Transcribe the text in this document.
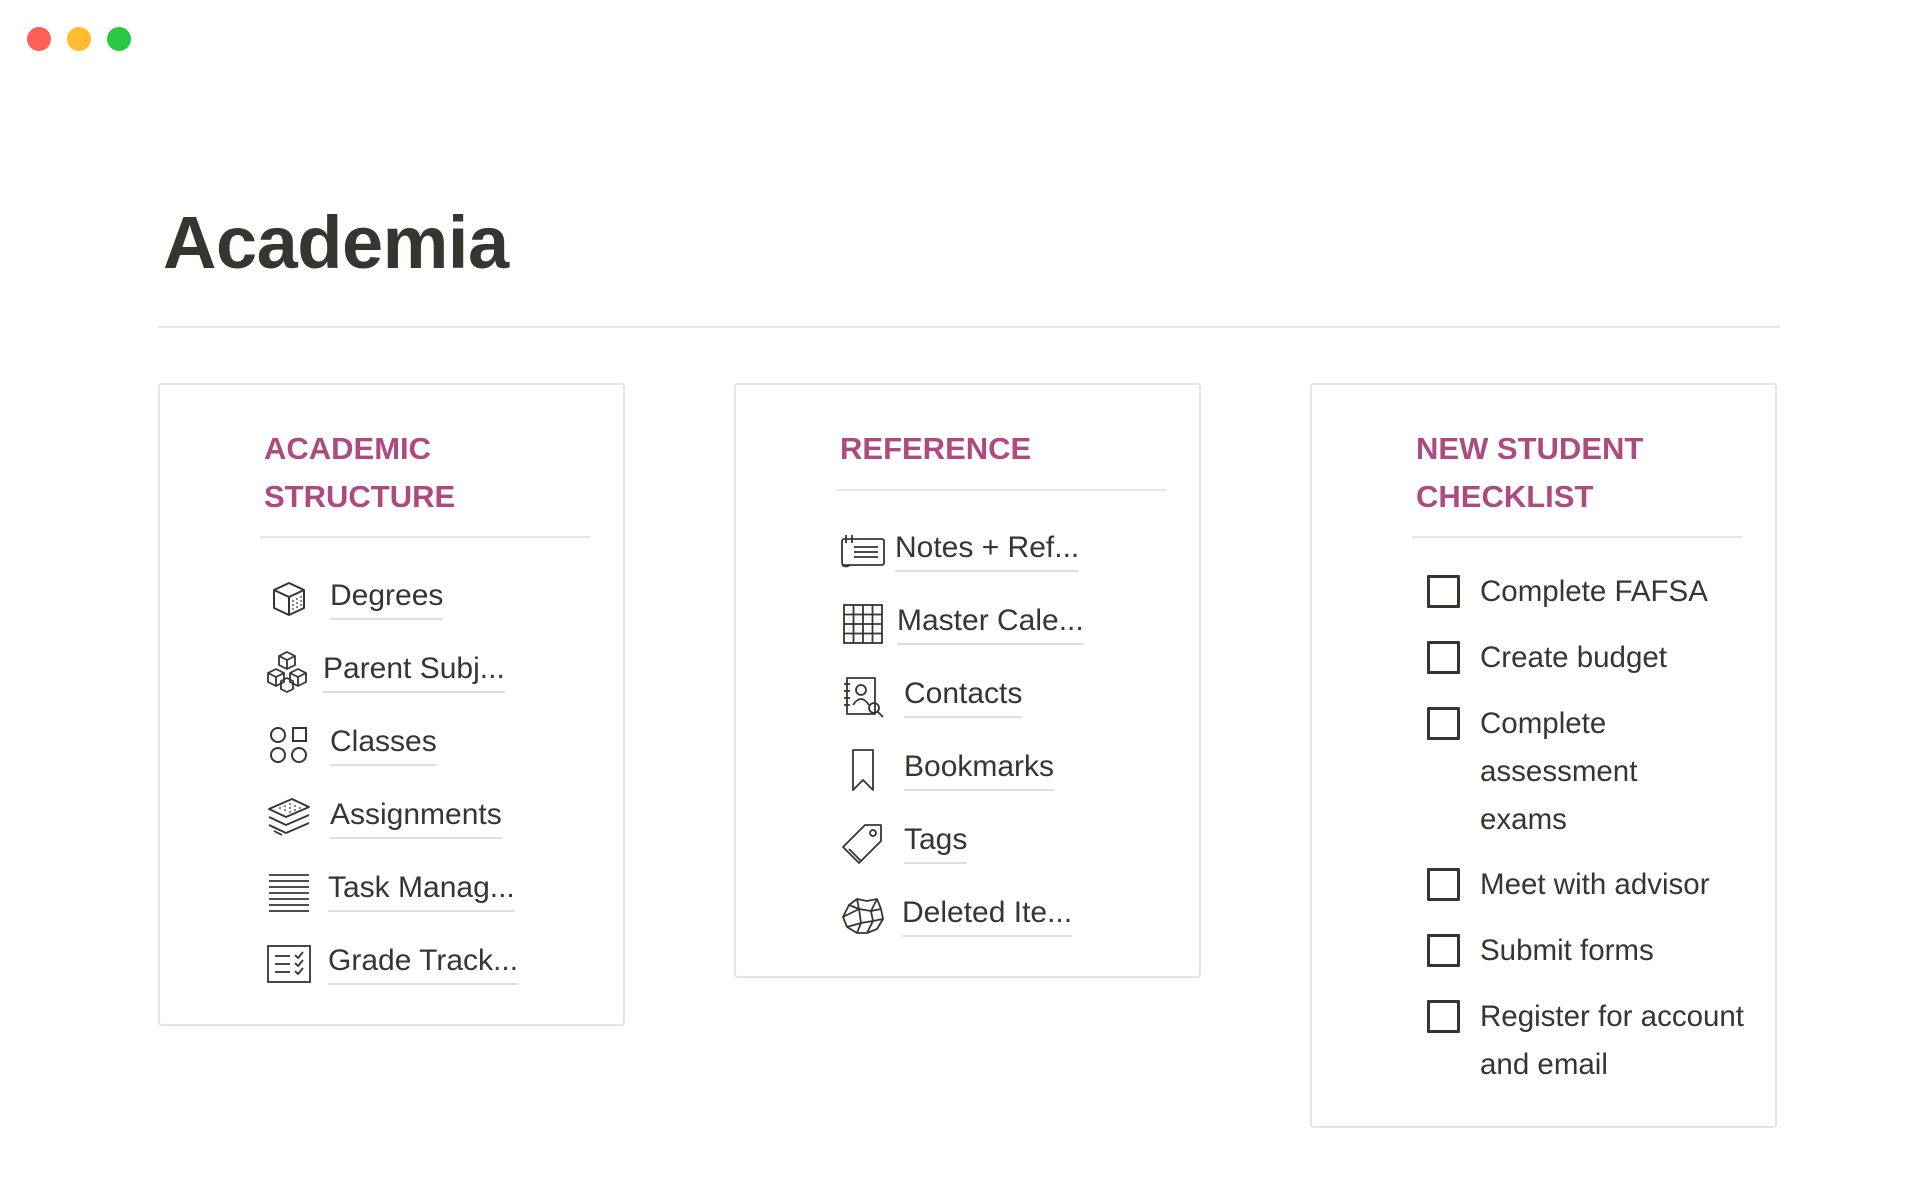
Academia
ACADEMIC
STRUCTURE
Degrees
Parent Subj...
Classes
Assignments
Task Manag...
Grade Track...
REFERENCE
Notes + Ref...
Master Cale...
Contacts
Bookmarks
Tags
Deleted Ite...
NEW STUDENT
CHECKLIST
Complete FAFSA
Create budget
Complete assessment exams
Meet with advisor
Submit forms
Register for account and email
